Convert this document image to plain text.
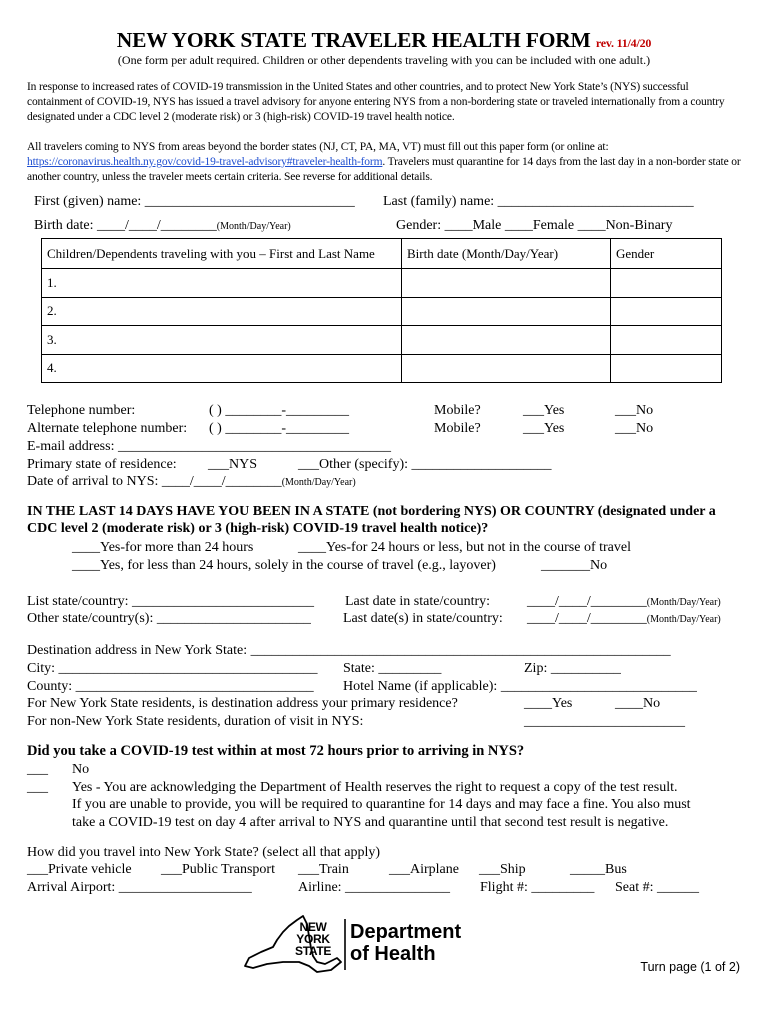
NEW YORK STATE TRAVELER HEALTH FORM rev. 11/4/20
(One form per adult required. Children or other dependents traveling with you can be included with one adult.)
In response to increased rates of COVID-19 transmission in the United States and other countries, and to protect New York State’s (NYS) successful containment of COVID-19, NYS has issued a travel advisory for anyone entering NYS from a non-bordering state or traveled internationally from a country designated under a CDC level 2 (moderate risk) or 3 (high-risk) COVID-19 travel health notice.
All travelers coming to NYS from areas beyond the border states (NJ, CT, PA, MA, VT) must fill out this paper form (or online at: https://coronavirus.health.ny.gov/covid-19-travel-advisory#traveler-health-form. Travelers must quarantine for 14 days from the last day in a non-border state or another country, unless the traveler meets certain criteria. See reverse for additional details.
First (given) name: ______________________________ Last (family) name: ____________________________
Birth date: ____/____/________(Month/Day/Year)	Gender: ____Male ____Female ____Non-Binary
Children/Dependents traveling with you – First and Last Name	Birth date (Month/Day/Year)	Gender
1.		
2.		
3.		
4.		
Telephone number:	( ) ________-_________	Mobile?	___Yes	___No
Alternate telephone number: ( ) ________-_________	Mobile?	___Yes	___No
E-mail address: _______________________________________
Primary state of residence: ___NYS	___Other (specify): ____________________
Date of arrival to NYS: ____/____/________(Month/Day/Year)
IN THE LAST 14 DAYS HAVE YOU BEEN IN A STATE (not bordering NYS) OR COUNTRY (designated under a CDC level 2 (moderate risk) or 3 (high-risk) COVID-19 travel health notice)?
____Yes-for more than 24 hours	____Yes-for 24 hours or less, but not in the course of travel
____Yes, for less than 24 hours, solely in the course of travel (e.g., layover)	_______No
List state/country: __________________________ Last date in state/country:	____/____/________(Month/Day/Year)
Other state/country(s): ______________________ Last date(s) in state/country: ____/____/________(Month/Day/Year)
Destination address in New York State: ____________________________________________________________
City: _____________________________________ State: _________	Zip: __________
County: __________________________________ Hotel Name (if applicable): ____________________________
For New York State residents, is destination address your primary residence?	____Yes	____No
For non-New York State residents, duration of visit in NYS:	_______________________
Did you take a COVID-19 test within at most 72 hours prior to arriving in NYS?
___ No
___ Yes - You are acknowledging the Department of Health reserves the right to request a copy of the test result.
If you are unable to provide, you will be required to quarantine for 14 days and may face a fine. You also must
take a COVID-19 test on day 4 after arrival to NYS and quarantine until that second test result is negative.
How did you travel into New York State? (select all that apply)
___Private vehicle ___Public Transport ___Train	___Airplane ___Ship	_____Bus
Arrival Airport: ___________________	Airline: _______________ Flight #: _________ Seat #: ______
NEW
YORK
STATE
Department
of Health
Turn page (1 of 2)
